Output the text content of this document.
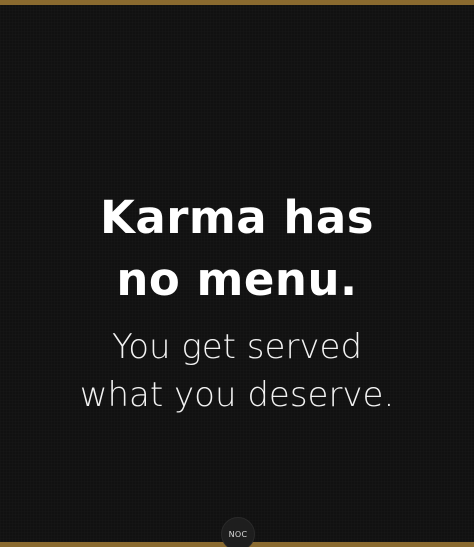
Karma has
no menu.
You get served
what you deserve.
NOC
